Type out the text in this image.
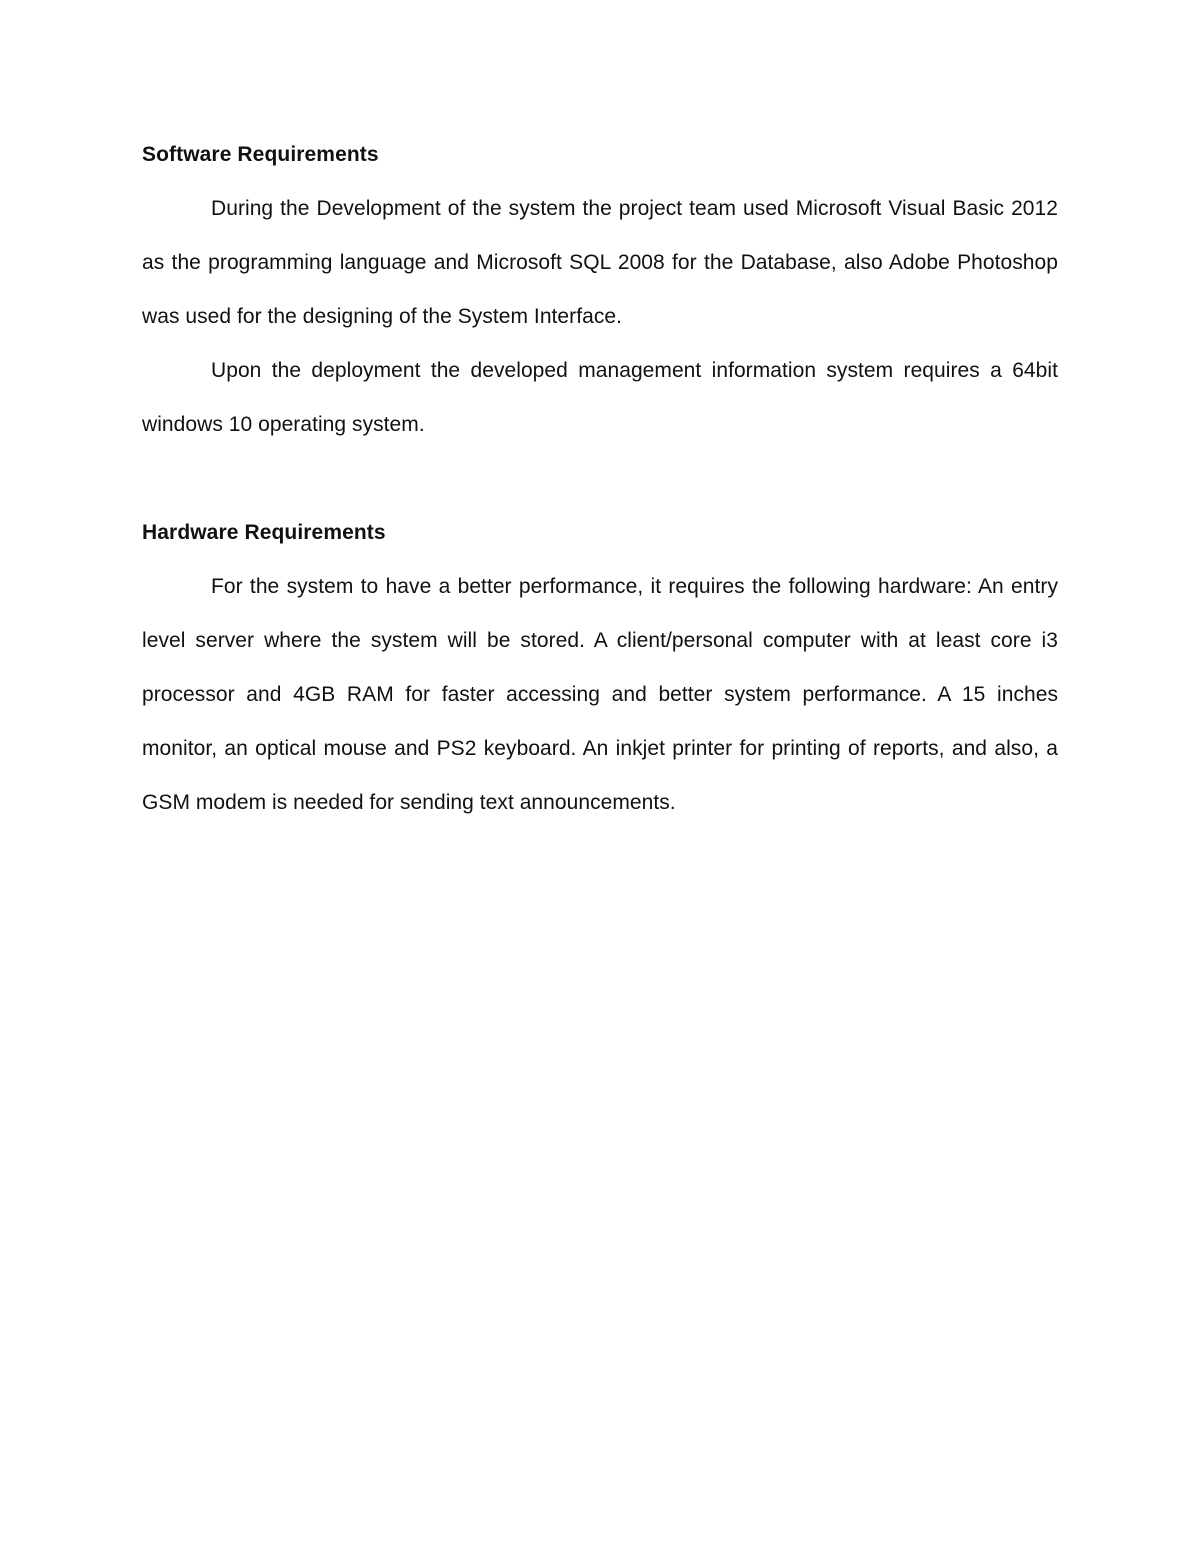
Software Requirements

During the Development of the system the project team used Microsoft Visual Basic 2012 as the programming language and Microsoft SQL 2008 for the Database, also Adobe Photoshop was used for the designing of the System Interface.

Upon the deployment the developed management information system requires a 64bit windows 10 operating system.

Hardware Requirements

For the system to have a better performance, it requires the following hardware: An entry level server where the system will be stored. A client/personal computer with at least core i3 processor and 4GB RAM for faster accessing and better system performance. A 15 inches monitor, an optical mouse and PS2 keyboard. An inkjet printer for printing of reports, and also, a GSM modem is needed for sending text announcements.
